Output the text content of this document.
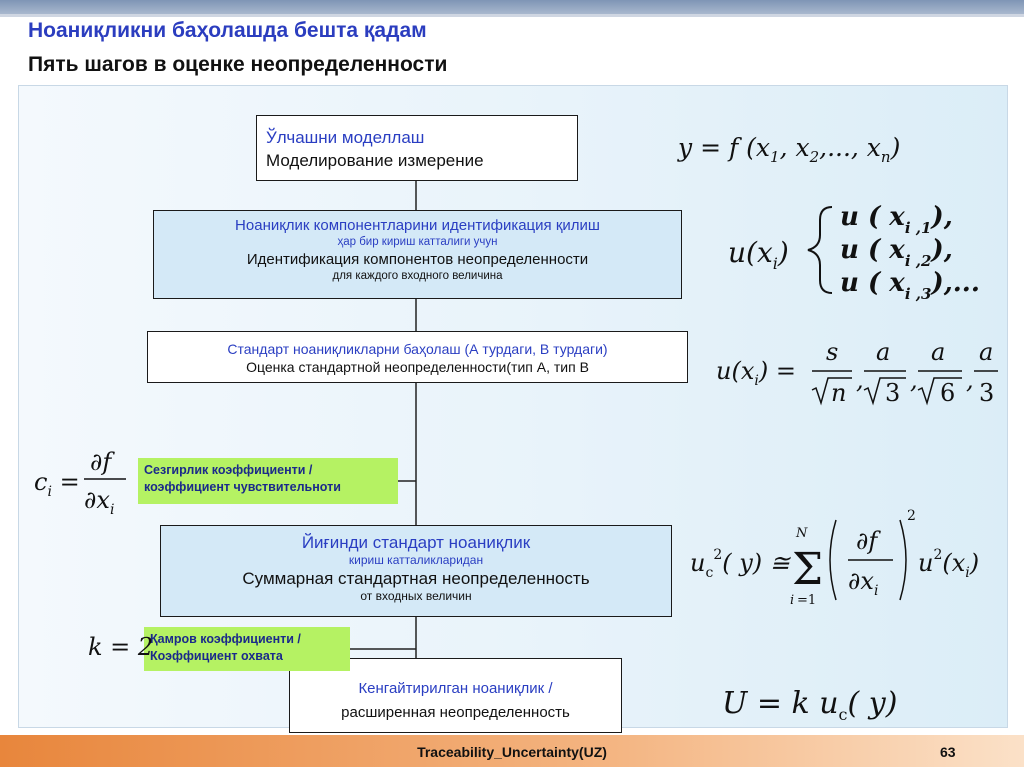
Ноаниқликни баҳолашда бешта қадам
Пять шагов в оценке неопределенности
Ўлчашни моделлаш
Моделирование измерение
Ноаниқлик компонентларини идентификация қилиш
ҳар бир кириш катталиги учун
Идентификация компонентов неопределенности
для каждого входного величина
Стандарт ноаниқликларни баҳолаш (А турдаги, В турдаги)
Оценка стандартной неопределенности(тип А, тип В
Йиғинди стандарт ноаниқлик
кириш катталикларидан
Суммарная стандартная неопределенность
от входных величин
Кенгайтирилган ноаниқлик /
расширенная неопределенность
Сезгирлик коэффициенти /
коэффициент чувствительноти
Қамров коэффициенти /
Коэффициент охвата
y = f ($x_1$, $x_2$,..., $x_n$)
$u(x_i)$
u ( $x_{i ,1}$),
u ( $x_{i ,2}$),
u ( $x_{i ,3}$),...
$u(x_i)$ =
s
n ,
a
3 ,
a
6 ,
a
3
$c_i$ =
∂f
$\partial x_i$
$u_c^2$( y) ≅
N
Σ
i =1
∂f
$\partial x_i$
2
$u^2(x_i)$
k = 2
U = k $u_c$( y)
Traceability_Uncertainty(UZ)	63
